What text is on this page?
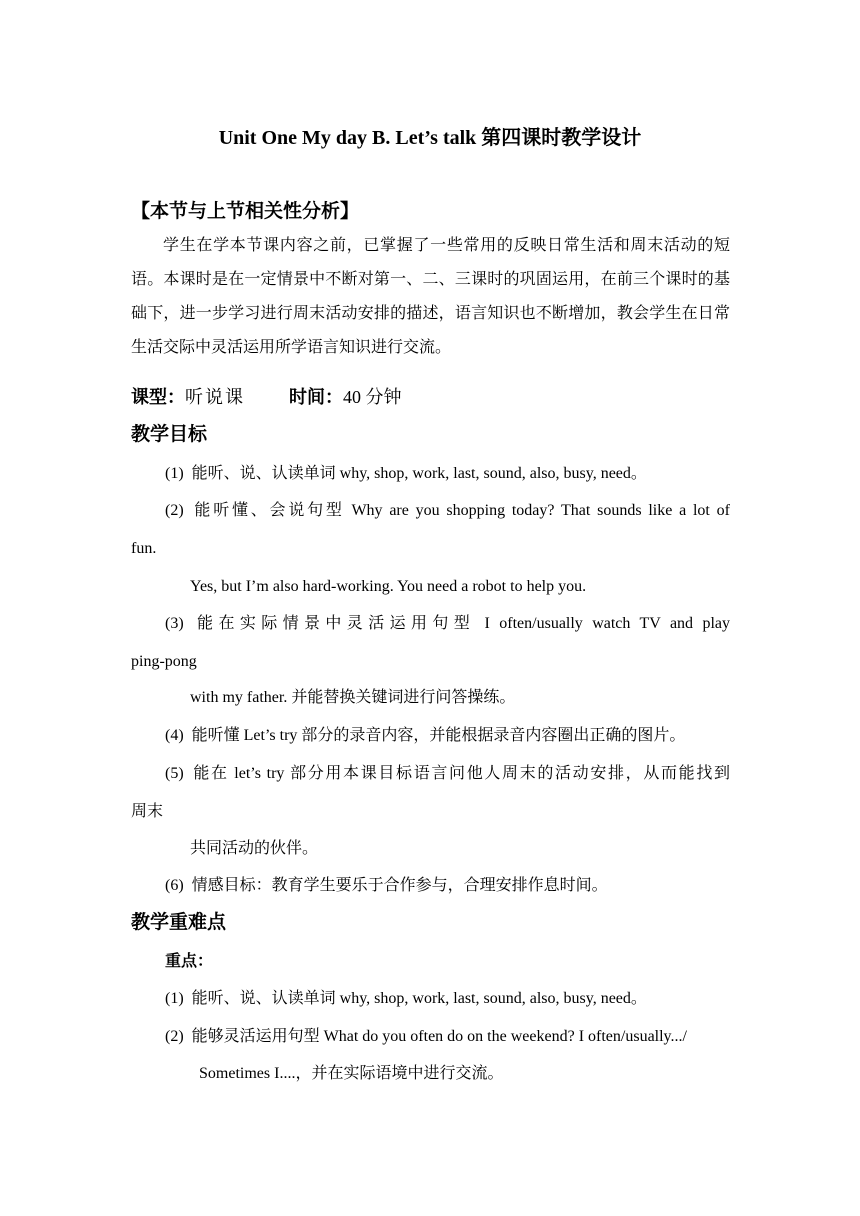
Unit One My day B. Let’s talk 第四课时教学设计
【本节与上节相关性分析】
学生在学本节课内容之前，已掌握了一些常用的反映日常生活和周末活动的短语。本课时是在一定情景中不断对第一、二、三课时的巩固运用，在前三个课时的基础下，进一步学习进行周末活动安排的描述，语言知识也不断增加，教会学生在日常生活交际中灵活运用所学语言知识进行交流。
课型：听说课 时间：40 分钟
教学目标
(1) 能听、说、认读单词 why, shop, work, last, sound, also, busy, need。
(2) 能听懂、会说句型 Why are you shopping today? That sounds like a lot of
fun.
Yes, but I’m also hard-working. You need a robot to help you.
(3) 能在实际情景中灵活运用句型 I often/usually watch TV and play
ping-pong
with my father. 并能替换关键词进行问答操练。
(4) 能听懂 Let’s try 部分的录音内容，并能根据录音内容圈出正确的图片。
(5) 能在 let’s try 部分用本课目标语言问他人周末的活动安排，从而能找到
周末
共同活动的伙伴。
(6) 情感目标：教育学生要乐于合作参与，合理安排作息时间。
教学重难点
重点：
(1) 能听、说、认读单词 why, shop, work, last, sound, also, busy, need。
(2) 能够灵活运用句型 What do you often do on the weekend? I often/usually.../
Sometimes I....，并在实际语境中进行交流。
